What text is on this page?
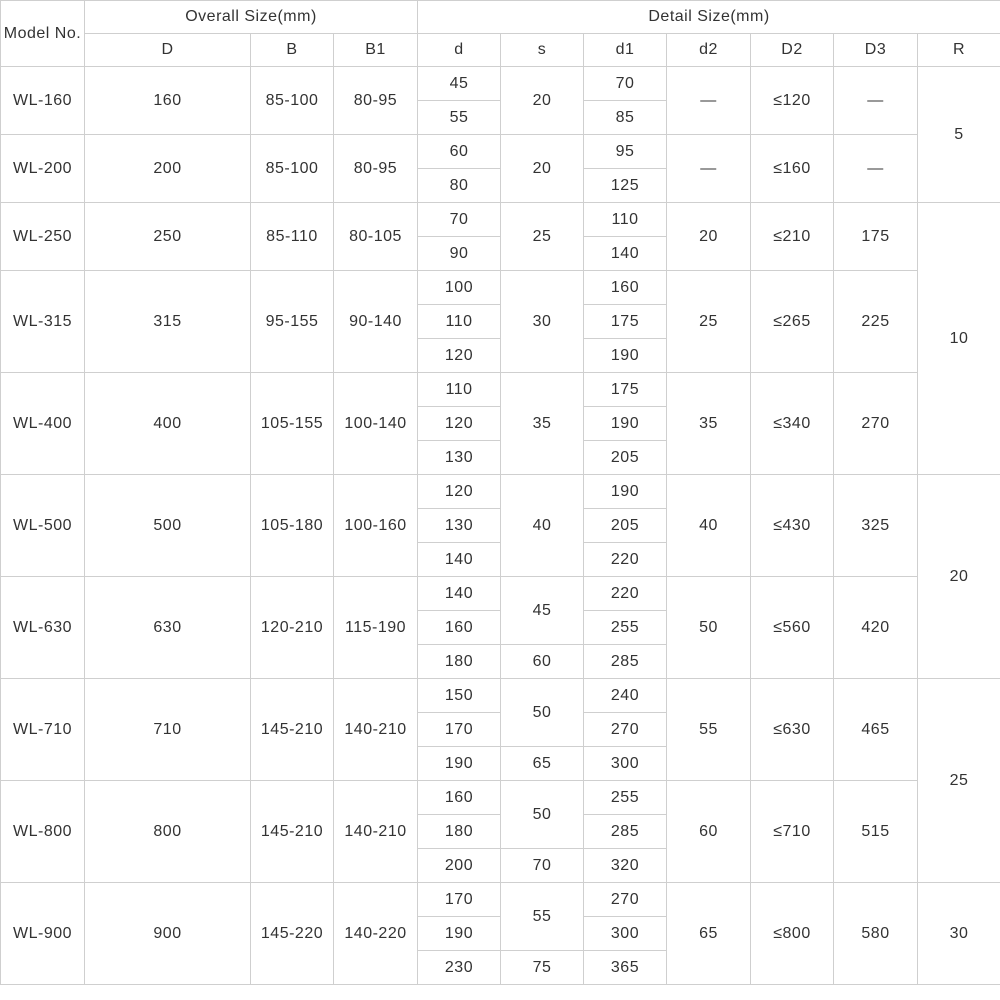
Model No.	Overall Size(mm)			Detail Size(mm)						
	D	B	B1	d	s	d1	d2	D2	D3	R

WL-160	160	85-100	80-95	45	20	70	—	≤120	—	5
				55		85				

WL-200	200	85-100	80-95	60	20	95	—	≤160	—	
				80		125				

WL-250	250	85-110	80-105	70	25	110	20	≤210	175	10
				90		140				

WL-315	315	95-155	90-140	100	30	160	25	≤265	225	
				110		175				
				120		190				

WL-400	400	105-155	100-140	110	35	175	35	≤340	270	
				120		190				
				130		205				

WL-500	500	105-180	100-160	120	40	190	40	≤430	325	20
				130		205				
				140		220				

WL-630	630	120-210	115-190	140	45	220	50	≤560	420	
				160		255				
				180	60	285				

WL-710	710	145-210	140-210	150	50	240	55	≤630	465	25
				170		270				
				190	65	300				

WL-800	800	145-210	140-210	160	50	255	60	≤710	515	
				180		285				
				200	70	320				

WL-900	900	145-220	140-220	170	55	270	65	≤800	580	30
				190		300				
				230	75	365				
